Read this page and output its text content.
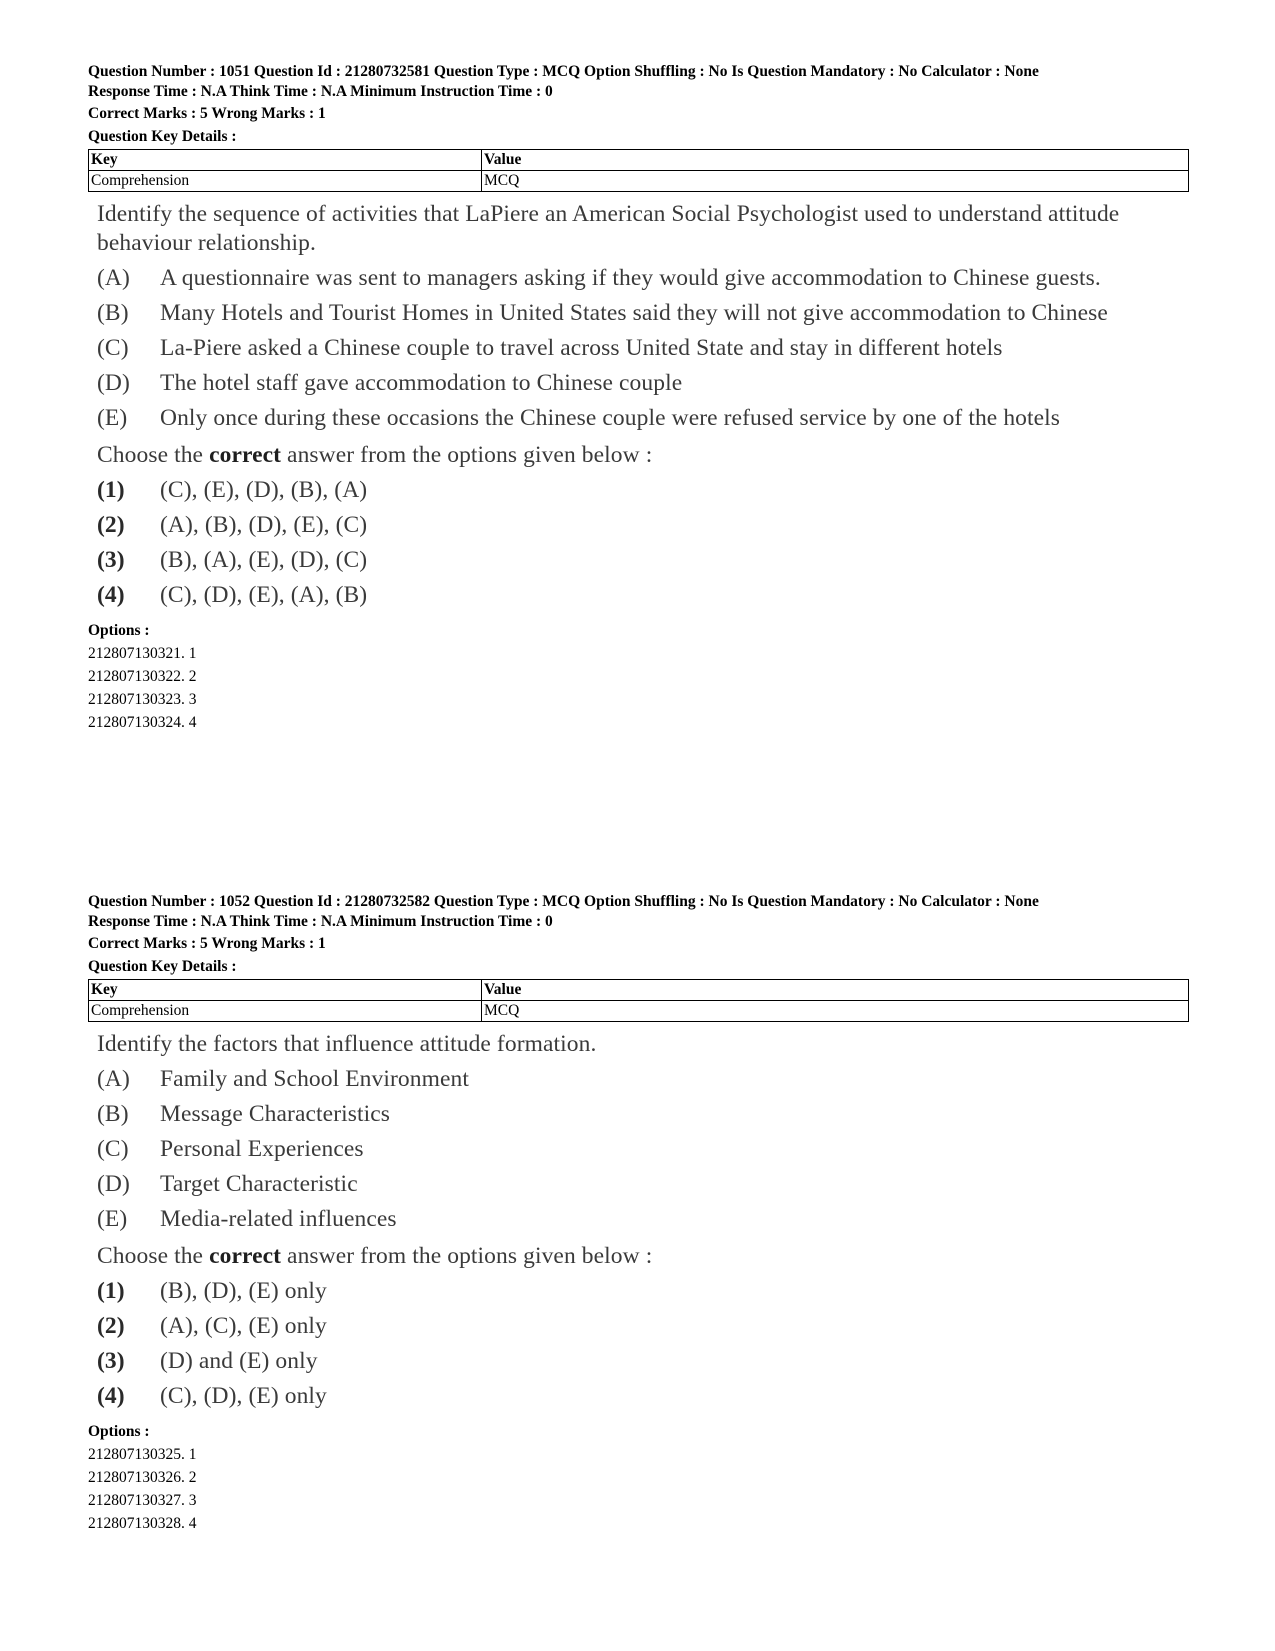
Question Number : 1051 Question Id : 21280732581 Question Type : MCQ Option Shuffling : No Is Question Mandatory : No Calculator : None
Response Time : N.A Think Time : N.A Minimum Instruction Time : 0
Correct Marks : 5 Wrong Marks : 1
Question Key Details :
Key	Value
Comprehension	MCQ
Identify the sequence of activities that LaPiere an American Social Psychologist used to understand attitude behaviour relationship.
(A)	A questionnaire was sent to managers asking if they would give accommodation to Chinese guests.
(B)	Many Hotels and Tourist Homes in United States said they will not give accommodation to Chinese
(C)	La-Piere asked a Chinese couple to travel across United State and stay in different hotels
(D)	The hotel staff gave accommodation to Chinese couple
(E)	Only once during these occasions the Chinese couple were refused service by one of the hotels
Choose the correct answer from the options given below :
(1)	(C), (E), (D), (B), (A)
(2)	(A), (B), (D), (E), (C)
(3)	(B), (A), (E), (D), (C)
(4)	(C), (D), (E), (A), (B)
Options :
212807130321. 1
212807130322. 2
212807130323. 3
212807130324. 4
Question Number : 1052 Question Id : 21280732582 Question Type : MCQ Option Shuffling : No Is Question Mandatory : No Calculator : None
Response Time : N.A Think Time : N.A Minimum Instruction Time : 0
Correct Marks : 5 Wrong Marks : 1
Question Key Details :
Key	Value
Comprehension	MCQ
Identify the factors that influence attitude formation.
(A)	Family and School Environment
(B)	Message Characteristics
(C)	Personal Experiences
(D)	Target Characteristic
(E)	Media-related influences
Choose the correct answer from the options given below :
(1)	(B), (D), (E) only
(2)	(A), (C), (E) only
(3)	(D) and (E) only
(4)	(C), (D), (E) only
Options :
212807130325. 1
212807130326. 2
212807130327. 3
212807130328. 4
